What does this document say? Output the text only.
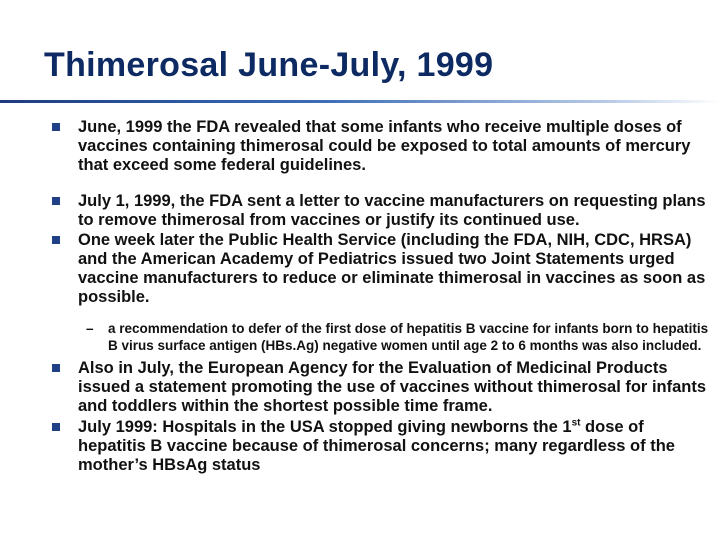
Thimerosal June-July, 1999
June, 1999 the FDA revealed that some infants who receive multiple doses of vaccines containing thimerosal could be exposed to total amounts of mercury that exceed some federal guidelines.
July 1, 1999, the FDA sent a letter to vaccine manufacturers on requesting plans to remove thimerosal from vaccines or justify its continued use.
One week later the Public Health Service (including the FDA, NIH, CDC, HRSA) and the American Academy of Pediatrics issued two Joint Statements urged vaccine manufacturers to reduce or eliminate thimerosal in vaccines as soon as possible.
– a recommendation to defer of the first dose of hepatitis B vaccine for infants born to hepatitis B virus surface antigen (HBs.Ag) negative women until age 2 to 6 months was also included.
Also in July, the European Agency for the Evaluation of Medicinal Products issued a statement promoting the use of vaccines without thimerosal for infants and toddlers within the shortest possible time frame.
July 1999: Hospitals in the USA stopped giving newborns the 1st dose of hepatitis B vaccine because of thimerosal concerns; many regardless of the mother’s HBsAg status
